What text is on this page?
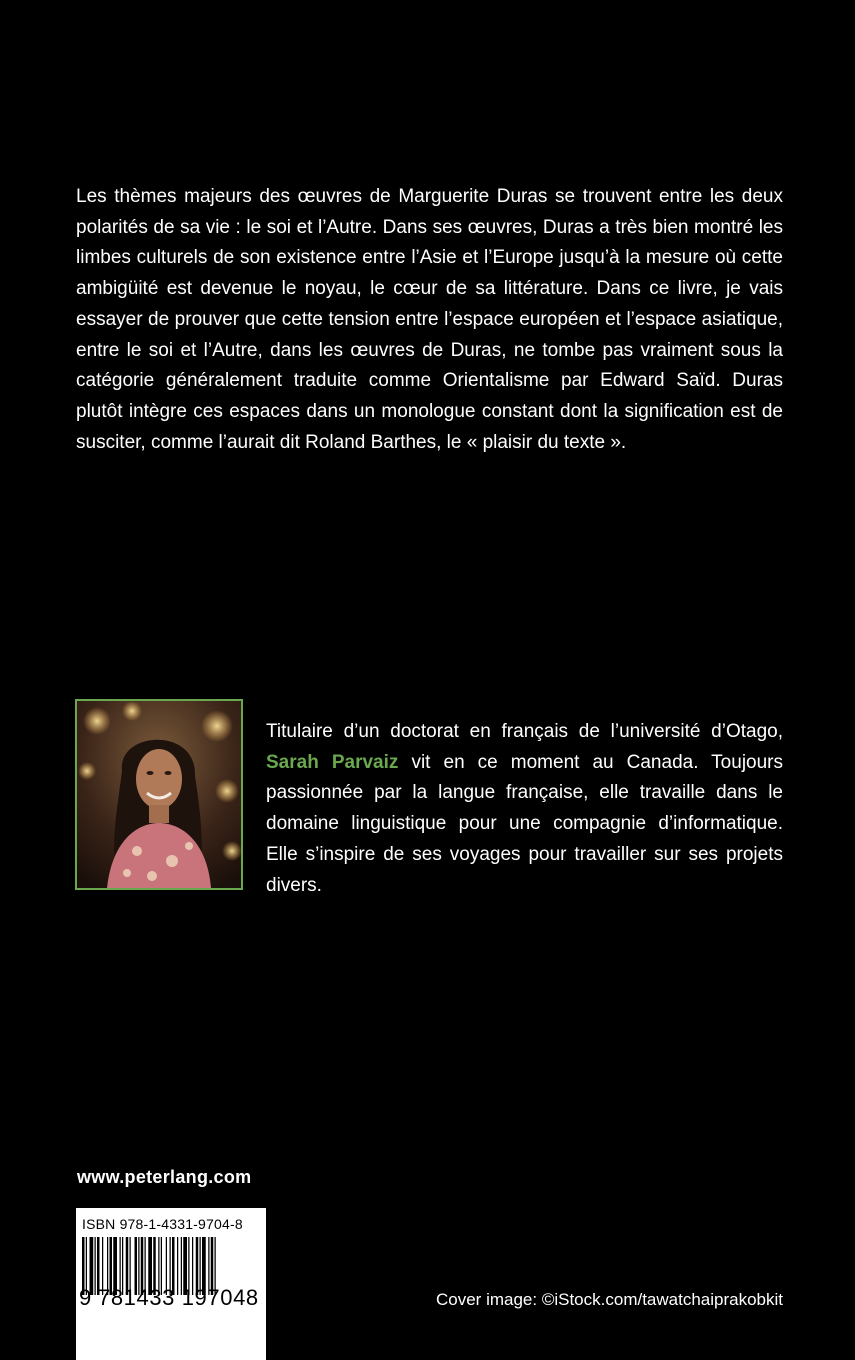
Les thèmes majeurs des œuvres de Marguerite Duras se trouvent entre les deux polarités de sa vie : le soi et l’Autre. Dans ses œuvres, Duras a très bien montré les limbes culturels de son existence entre l’Asie et l’Europe jusqu’à la mesure où cette ambigüité est devenue le noyau, le cœur de sa littérature. Dans ce livre, je vais essayer de prouver que cette tension entre l’espace européen et l’espace asiatique, entre le soi et l’Autre, dans les œuvres de Duras, ne tombe pas vraiment sous la catégorie généralement traduite comme Orientalisme par Edward Saïd. Duras plutôt intègre ces espaces dans un monologue constant dont la signification est de susciter, comme l’aurait dit Roland Barthes, le « plaisir du texte ».

Titulaire d’un doctorat en français de l’université d’Otago, Sarah Parvaiz vit en ce moment au Canada. Toujours passionnée par la langue française, elle travaille dans le domaine linguistique pour une compagnie d’informatique. Elle s’inspire de ses voyages pour travailler sur ses projets divers.

www.peterlang.com
ISBN 978-1-4331-9704-8
9 781433 197048	Cover image: ©iStock.com/tawatchaiprakobkit
